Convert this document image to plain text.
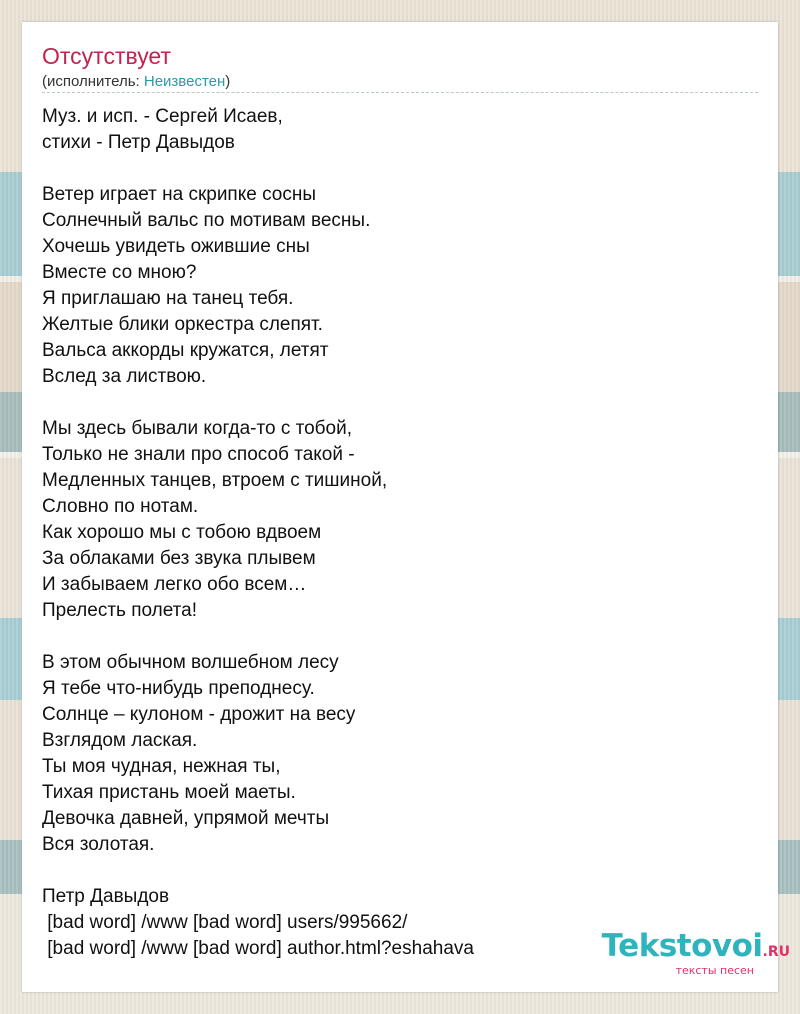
Отсутствует
(исполнитель: Неизвестен)
Муз. и исп. - Сергей Исаев,
стихи - Петр Давыдов

Ветер играет на скрипке сосны
Солнечный вальс по мотивам весны.
Хочешь увидеть ожившие сны
Вместе со мною?
Я приглашаю на танец тебя.
Желтые блики оркестра слепят.
Вальса аккорды кружатся, летят
Вслед за листвою.

Мы здесь бывали когда-то с тобой,
Только не знали про способ такой -
Медленных танцев, втроем с тишиной,
Словно по нотам.
Как хорошо мы с тобою вдвоем
За облаками без звука плывем
И забываем легко обо всем…
Прелесть полета!

В этом обычном волшебном лесу
Я тебе что-нибудь преподнесу.
Солнце – кулоном - дрожит на весу
Взглядом лаская.
Ты моя чудная, нежная ты,
Тихая пристань моей маеты.
Девочка давней, упрямой мечты
Вся золотая.

Петр Давыдов
[bad word] /www [bad word] users/995662/
[bad word] /www [bad word] author.html?eshahava	Tekstovoi.RU
тексты песен
